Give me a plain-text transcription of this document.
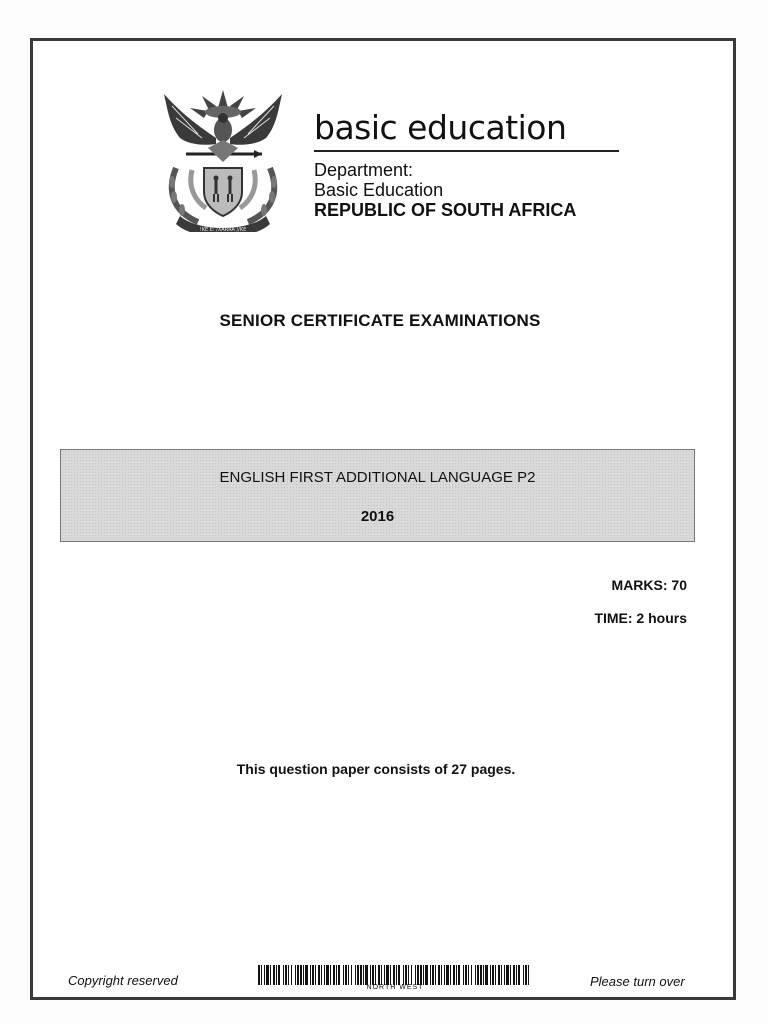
!KE E: /XARRA //KE
basic education
Department:
Basic Education
REPUBLIC OF SOUTH AFRICA
SENIOR CERTIFICATE EXAMINATIONS
ENGLISH FIRST ADDITIONAL LANGUAGE P2
2016
MARKS: 70
TIME: 2 hours
This question paper consists of 27 pages.
Copyright reserved	NORTH WEST	Please turn over
